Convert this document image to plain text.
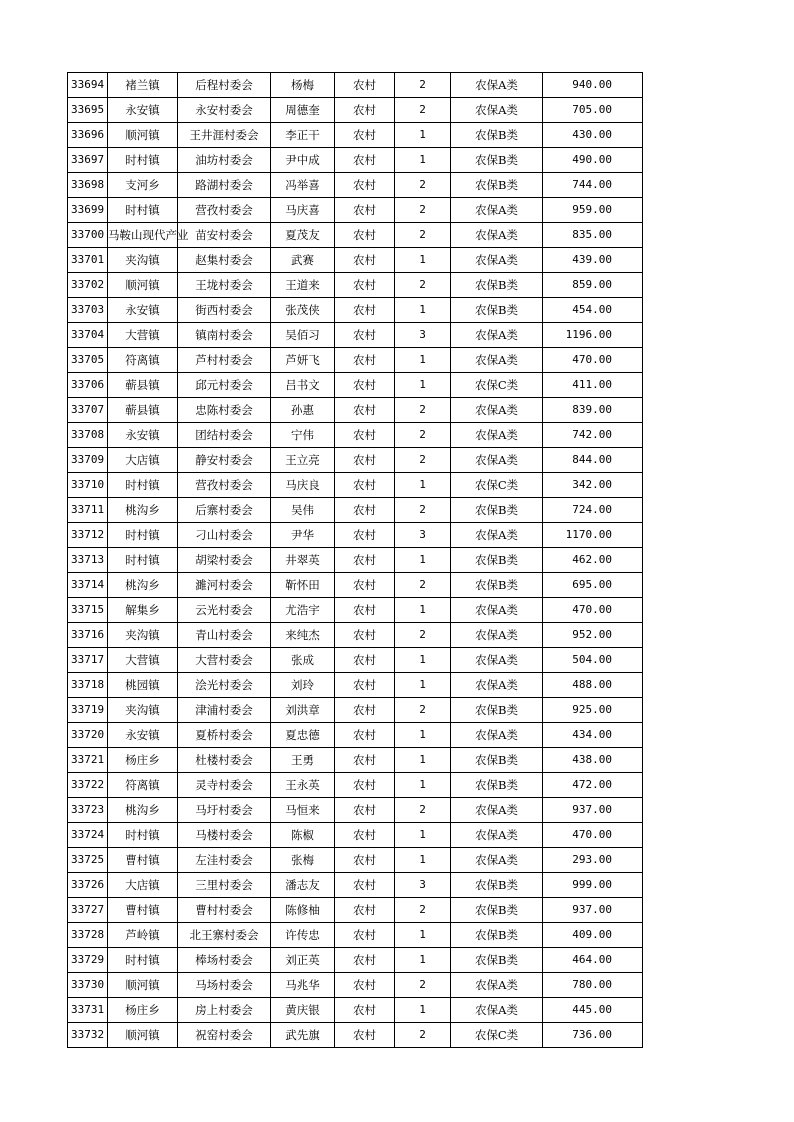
33694	褚兰镇	后程村委会	杨梅	农村	2	农保A类	940.00
33695	永安镇	永安村委会	周德奎	农村	2	农保A类	705.00
33696	顺河镇	王井涯村委会	李正干	农村	1	农保B类	430.00
33697	时村镇	油坊村委会	尹中成	农村	1	农保B类	490.00
33698	支河乡	路湖村委会	冯举喜	农村	2	农保B类	744.00
33699	时村镇	营孜村委会	马庆喜	农村	2	农保A类	959.00
33700	马鞍山现代产业	苗安村委会	夏茂友	农村	2	农保A类	835.00
33701	夹沟镇	赵集村委会	武赛	农村	1	农保A类	439.00
33702	顺河镇	王垅村委会	王道来	农村	2	农保B类	859.00
33703	永安镇	街西村委会	张茂侠	农村	1	农保B类	454.00
33704	大营镇	镇南村委会	吴佰习	农村	3	农保A类	1196.00
33705	符离镇	芦村村委会	芦妍飞	农村	1	农保A类	470.00
33706	蕲县镇	邱元村委会	吕书文	农村	1	农保C类	411.00
33707	蕲县镇	忠陈村委会	孙惠	农村	2	农保A类	839.00
33708	永安镇	团结村委会	宁伟	农村	2	农保A类	742.00
33709	大店镇	静安村委会	王立亮	农村	2	农保A类	844.00
33710	时村镇	营孜村委会	马庆良	农村	1	农保C类	342.00
33711	桃沟乡	后寨村委会	吴伟	农村	2	农保B类	724.00
33712	时村镇	刁山村委会	尹华	农村	3	农保A类	1170.00
33713	时村镇	胡梁村委会	井翠英	农村	1	农保B类	462.00
33714	桃沟乡	濉河村委会	靳怀田	农村	2	农保B类	695.00
33715	解集乡	云光村委会	尤浩宇	农村	1	农保A类	470.00
33716	夹沟镇	青山村委会	来纯杰	农村	2	农保A类	952.00
33717	大营镇	大营村委会	张成	农村	1	农保A类	504.00
33718	桃园镇	浍光村委会	刘玲	农村	1	农保A类	488.00
33719	夹沟镇	津浦村委会	刘洪章	农村	2	农保B类	925.00
33720	永安镇	夏桥村委会	夏忠德	农村	1	农保A类	434.00
33721	杨庄乡	杜楼村委会	王勇	农村	1	农保B类	438.00
33722	符离镇	灵寺村委会	王永英	农村	1	农保B类	472.00
33723	桃沟乡	马圩村委会	马恒来	农村	2	农保A类	937.00
33724	时村镇	马楼村委会	陈椒	农村	1	农保A类	470.00
33725	曹村镇	左洼村委会	张梅	农村	1	农保A类	293.00
33726	大店镇	三里村委会	潘志友	农村	3	农保B类	999.00
33727	曹村镇	曹村村委会	陈修柚	农村	2	农保B类	937.00
33728	芦岭镇	北王寨村委会	许传忠	农村	1	农保B类	409.00
33729	时村镇	棒场村委会	刘正英	农村	1	农保B类	464.00
33730	顺河镇	马场村委会	马兆华	农村	2	农保A类	780.00
33731	杨庄乡	房上村委会	黄庆银	农村	1	农保A类	445.00
33732	顺河镇	祝窑村委会	武先旗	农村	2	农保C类	736.00
